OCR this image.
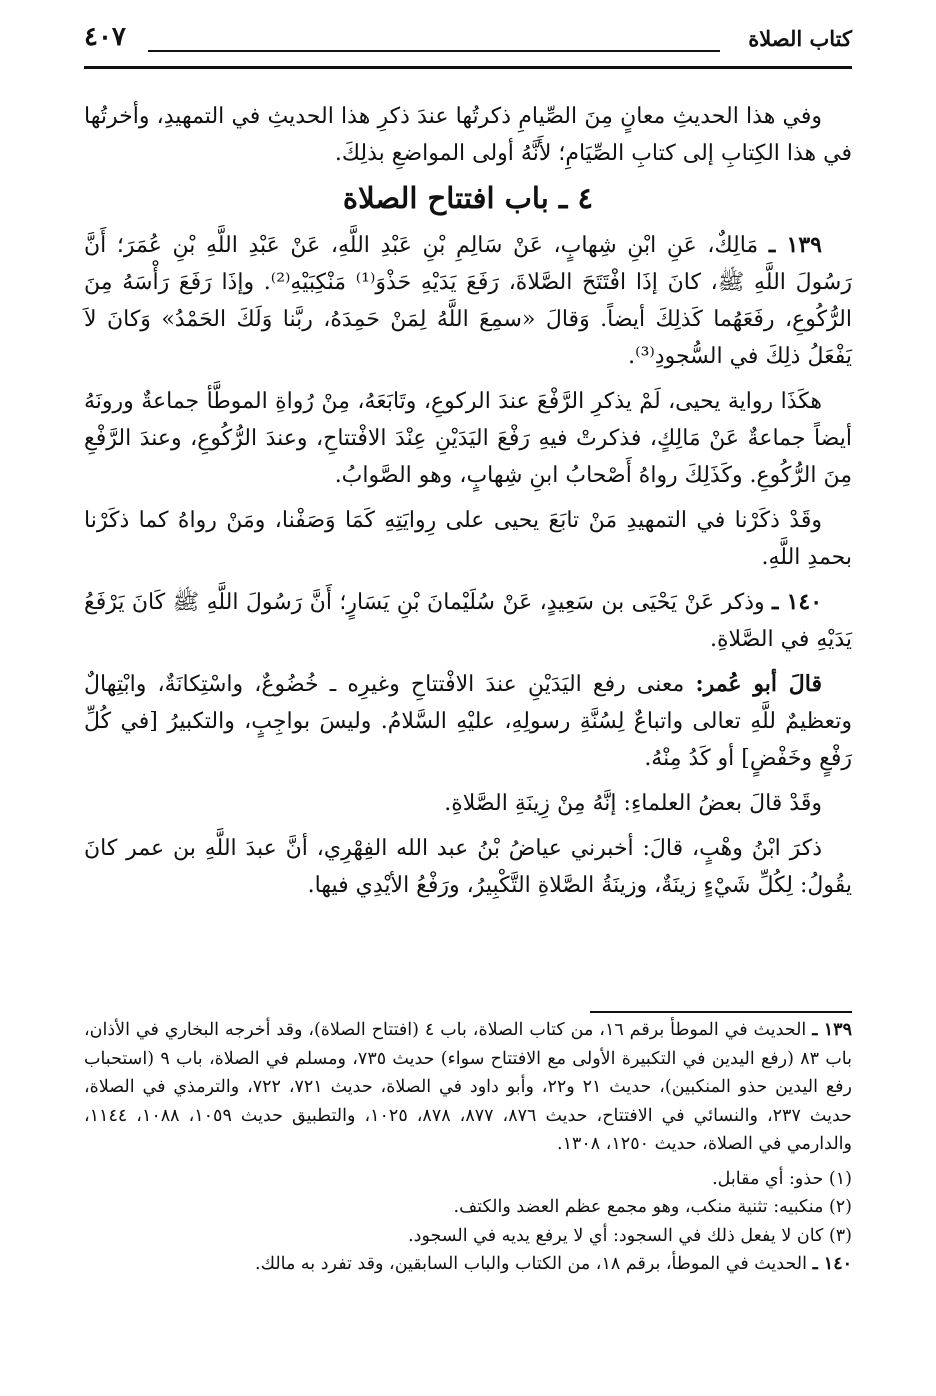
كتاب الصلاة
٤٠٧

وفي هذا الحديثِ معانٍ مِنَ الصِّيامِ ذكرتُها عندَ ذكرِ هذا الحديثِ في التمهيدِ، وأخرتُها في هذا الكِتابِ إلى كتابِ الصِّيَامِ؛ لأَنَّهُ أولى المواضعِ بذلِكَ.

٤ ـ باب افتتاح الصلاة

١٣٩ ـ مَالِكٌ، عَنِ ابْنِ شِهابٍ، عَنْ سَالِمِ بْنِ عَبْدِ اللَّهِ، عَنْ عَبْدِ اللَّهِ بْنِ عُمَرَ؛ أَنَّ رَسُولَ اللَّهِ ﷺ، كانَ إذَا افْتَتَحَ الصَّلاةَ، رَفَعَ يَدَيْهِ حَذْوَ⁽¹⁾ مَنْكِبَيْهِ⁽²⁾. وإذَا رَفَعَ رَأْسَهُ مِنَ الرُّكُوعِ، رفَعَهُما كَذلِكَ أيضاً. وَقالَ «سمِعَ اللَّهُ لِمَنْ حَمِدَهُ، ربَّنا وَلَكَ الحَمْدُ» وَكانَ لاَ يَفْعَلُ ذلِكَ في السُّجودِ⁽³⁾.

هكَذَا رواية يحيى، لَمْ يذكرِ الرَّفْعَ عندَ الركوعِ، وتَابَعَهُ، مِنْ رُواةِ الموطَّأ جماعةٌ ورونَهُ أيضاً جماعةٌ عَنْ مَالِكٍ، فذكرتْ فيهِ رَفْعَ اليَدَيْنِ عِنْدَ الافْتتاحِ، وعندَ الرُّكُوعِ، وعندَ الرَّفْعِ مِنَ الرُّكُوعِ. وكَذَلِكَ رواهُ أَصْحابُ ابنِ شِهابٍ، وهو الصَّوابُ.

وقَدْ ذكَرْنا في التمهيدِ مَنْ تابَعَ يحيى على رِوايَتِهِ كَمَا وَصَفْنا، ومَنْ رواهُ كما ذكَرْنا بحمدِ اللَّهِ.

١٤٠ ـ وذكر عَنْ يَحْيَى بن سَعِيدٍ، عَنْ سُلَيْمانَ بْنِ يَسَارٍ؛ أَنَّ رَسُولَ اللَّهِ ﷺ كَانَ يَرْفَعُ يَدَيْهِ في الصَّلاةِ.

قالَ أبو عُمر: معنى رفع اليَدَيْنِ عندَ الافْتتاحِ وغيرِه ـ خُضُوعٌ، واسْتِكانَةٌ، وابْتِهالٌ وتعظيمٌ للَّهِ تعالى واتباعٌ لِسُنَّةِ رسولِهِ، عليْهِ السَّلامُ. وليسَ بواجِبٍ، والتكبيرُ [في كُلِّ رَفْعٍ وخَفْضٍ] أو كَدُ مِنْهُ.

وقَدْ قالَ بعضُ العلماءِ: إنَّهُ مِنْ زِينَةِ الصَّلاةِ.

ذكرَ ابْنُ وهْبٍ، قالَ: أخبرني عياضُ بْنُ عبد الله الفِهْرِي، أنَّ عبدَ اللَّهِ بن عمر كانَ يقُولُ: لِكُلِّ شَيْءٍ زينَةٌ، وزينَةُ الصَّلاةِ التَّكْبِيرُ، ورَفْعُ الأيْدِي فيها.

١٣٩ ـ الحديث في الموطأ برقم ١٦، من كتاب الصلاة، باب ٤ (افتتاح الصلاة)، وقد أخرجه البخاري في الأذان، باب ٨٣ (رفع اليدين في التكبيرة الأولى مع الافتتاح سواء) حديث ٧٣٥، ومسلم في الصلاة، باب ٩ (استحباب رفع اليدين حذو المنكبين)، حديث ٢١ و٢٢، وأبو داود في الصلاة، حديث ٧٢١، ٧٢٢، والترمذي في الصلاة، حديث ٢٣٧، والنسائي في الافتتاح، حديث ٨٧٦، ٨٧٧، ٨٧٨، ١٠٢٥، والتطبيق حديث ١٠٥٩، ١٠٨٨، ١١٤٤، والدارمي في الصلاة، حديث ١٢٥٠، ١٣٠٨.

(١) حذو: أي مقابل.

(٢) منكبيه: تثنية منكب، وهو مجمع عظم العضد والكتف.

(٣) كان لا يفعل ذلك في السجود: أي لا يرفع يديه في السجود.

١٤٠ ـ الحديث في الموطأ، برقم ١٨، من الكتاب والباب السابقين، وقد تفرد به مالك.
